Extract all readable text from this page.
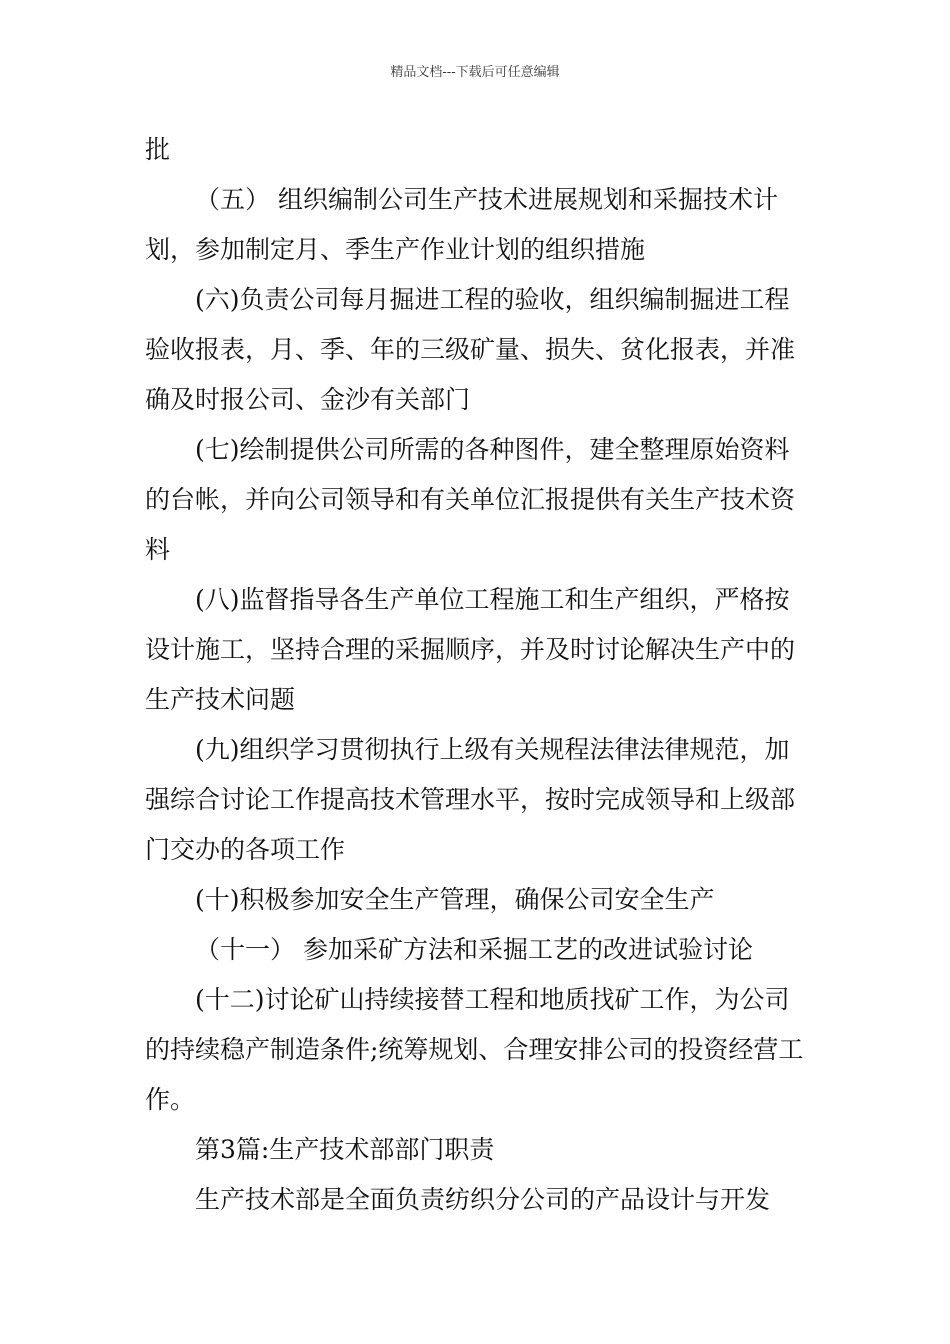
精品文档---下载后可任意编辑

批

（五） 组织编制公司生产技术进展规划和采掘技术计划，参加制定月、季生产作业计划的组织措施

(六)负责公司每月掘进工程的验收，组织编制掘进工程验收报表，月、季、年的三级矿量、损失、贫化报表，并准确及时报公司、金沙有关部门

(七)绘制提供公司所需的各种图件，建全整理原始资料的台帐，并向公司领导和有关单位汇报提供有关生产技术资料

(八)监督指导各生产单位工程施工和生产组织，严格按设计施工，坚持合理的采掘顺序，并及时讨论解决生产中的生产技术问题

(九)组织学习贯彻执行上级有关规程法律法律规范，加强综合讨论工作提高技术管理水平，按时完成领导和上级部门交办的各项工作

(十)积极参加安全生产管理，确保公司安全生产

（十一） 参加采矿方法和采掘工艺的改进试验讨论

(十二)讨论矿山持续接替工程和地质找矿工作，为公司的持续稳产制造条件;统筹规划、合理安排公司的投资经营工作。

第3篇:生产技术部部门职责

生产技术部是全面负责纺织分公司的产品设计与开发
